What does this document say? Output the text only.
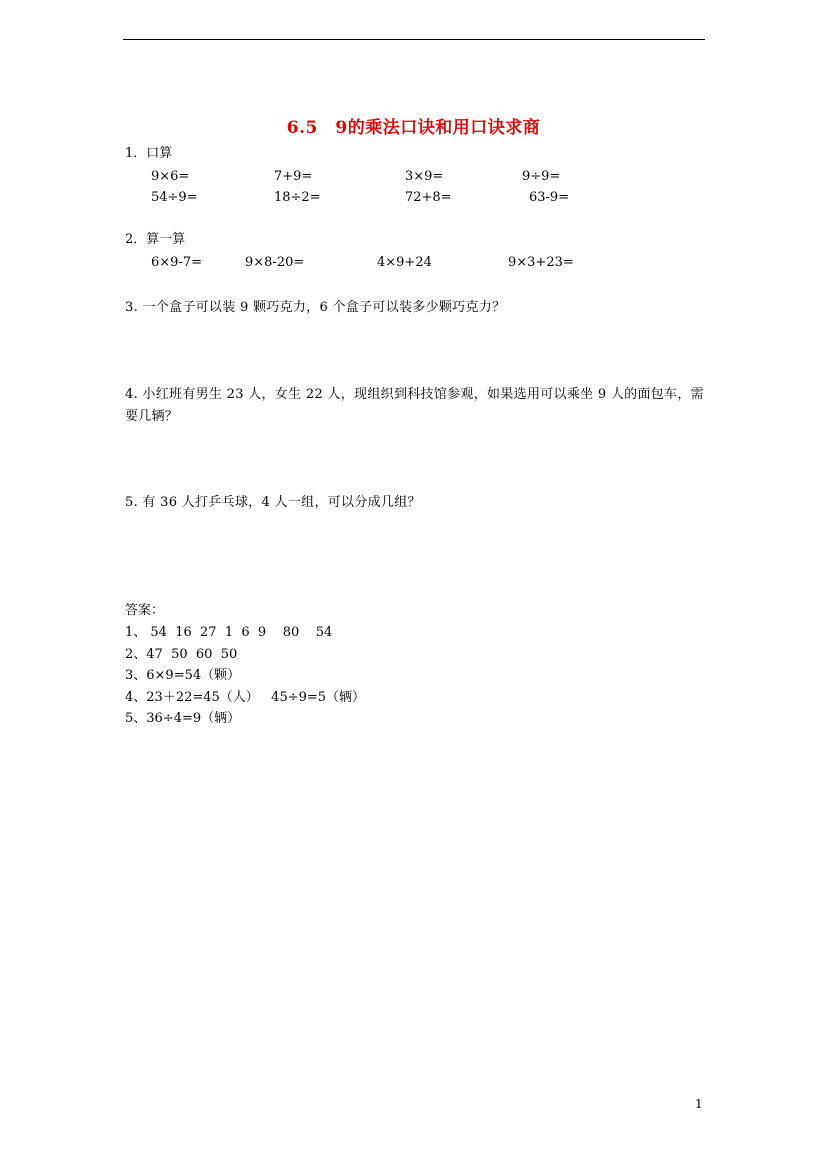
6.5　9的乘法口诀和用口诀求商
1．口算
9×6=	7+9=	3×9=	9÷9=
54÷9=	18÷2=	72+8=	63-9=
2．算一算
6×9-7=	9×8-20=	4×9+24	9×3+23=
3. 一个盒子可以装 9 颗巧克力，6 个盒子可以装多少颗巧克力？
4. 小红班有男生 23 人，女生 22 人，现组织到科技馆参观，如果选用可以乘坐 9 人的面包车，需要几辆？
5. 有 36 人打乒乓球，4 人一组，可以分成几组？
答案：
1、 54  16  27  1  6  9    80    54
2、47  50  60  50
3、6×9=54（颗）
4、23＋22=45（人）   45÷9=5（辆）
5、36÷4=9（辆）
1
